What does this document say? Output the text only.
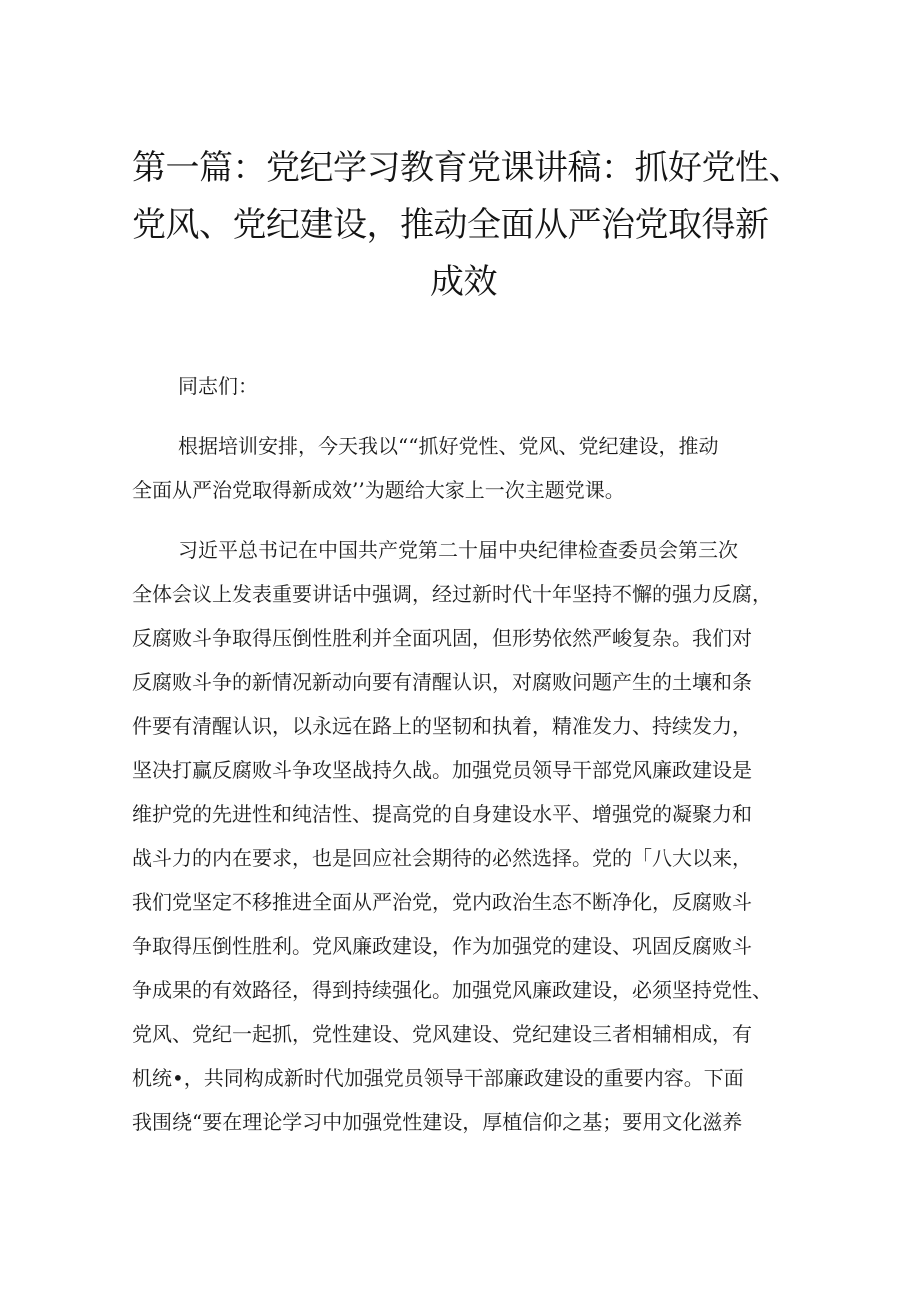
第一篇：党纪学习教育党课讲稿：抓好党性、
党风、党纪建设，推动全面从严治党取得新
成效
同志们：
根据培训安排，今天我以““抓好党性、党风、党纪建设，推动
全面从严治党取得新成效’’为题给大家上一次主题党课。
习近平总书记在中国共产党第二十届中央纪律检查委员会第三次
全体会议上发表重要讲话中强调，经过新时代十年坚持不懈的强力反腐，
反腐败斗争取得压倒性胜利并全面巩固，但形势依然严峻复杂。我们对
反腐败斗争的新情况新动向要有清醒认识，对腐败问题产生的土壤和条
件要有清醒认识，以永远在路上的坚韧和执着，精准发力、持续发力，
坚决打赢反腐败斗争攻坚战持久战。加强党员领导干部党风廉政建设是
维护党的先进性和纯洁性、提高党的自身建设水平、增强党的凝聚力和
战斗力的内在要求，也是回应社会期待的必然选择。党的「八大以来，
我们党坚定不移推进全面从严治党，党内政治生态不断净化，反腐败斗
争取得压倒性胜利。党风廉政建设，作为加强党的建设、巩固反腐败斗
争成果的有效路径，得到持续强化。加强党风廉政建设，必须坚持党性、
党风、党纪一起抓，党性建设、党风建设、党纪建设三者相辅相成，有
机统•，共同构成新时代加强党员领导干部廉政建设的重要内容。下面
我围绕“要在理论学习中加强党性建设，厚植信仰之基；要用文化滋养
